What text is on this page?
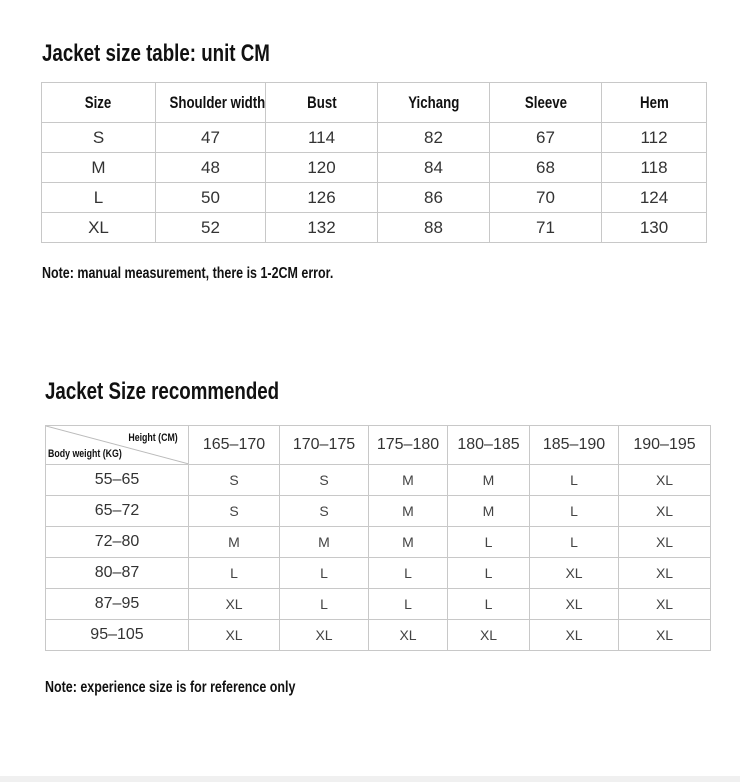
Jacket size table: unit CM
Size	Shoulder width	Bust	Yichang	Sleeve	Hem
S	47	114	82	67	112
M	48	120	84	68	118
L	50	126	86	70	124
XL	52	132	88	71	130
Note: manual measurement, there is 1-2CM error.
Jacket Size recommended
Height (CM)
Body weight (KG)	165–170	170–175	175–180	180–185	185–190	190–195
55–65	S	S	M	M	L	XL
65–72	S	S	M	M	L	XL
72–80	M	M	M	L	L	XL
80–87	L	L	L	L	XL	XL
87–95	XL	L	L	L	XL	XL
95–105	XL	XL	XL	XL	XL	XL
Note: experience size is for reference only
